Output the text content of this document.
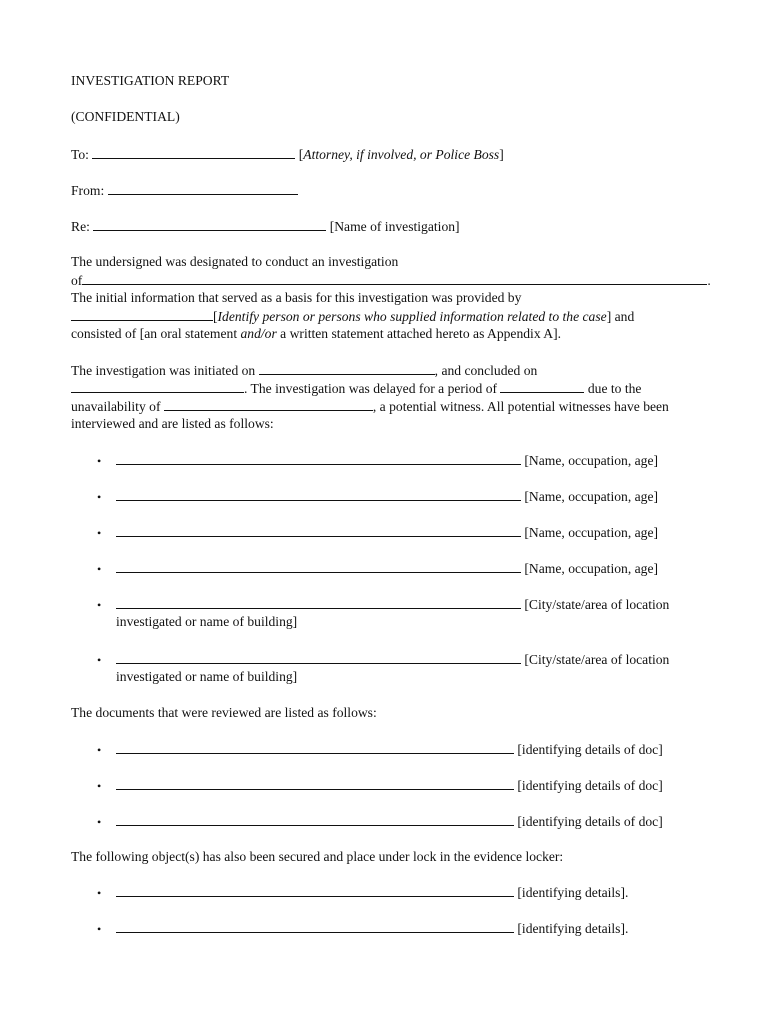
INVESTIGATION REPORT
(CONFIDENTIAL)
To:	[Attorney, if involved, or Police Boss]
From:
Re:	[Name of investigation]
The undersigned was designated to conduct an investigation
of	.
The initial information that served as a basis for this investigation was provided by
[Identify person or persons who supplied information related to the case] and
consisted of [an oral statement and/or a written statement attached hereto as Appendix A].
The investigation was initiated on	, and concluded on
. The investigation was delayed for a period of	due to the
unavailability of	, a potential witness. All potential witnesses have been
interviewed and are listed as follows:
•	[Name, occupation, age]
•	[Name, occupation, age]
•	[Name, occupation, age]
•	[Name, occupation, age]
•	[City/state/area of location
investigated or name of building]
•	[City/state/area of location
investigated or name of building]
The documents that were reviewed are listed as follows:
•	[identifying details of doc]
•	[identifying details of doc]
•	[identifying details of doc]
The following object(s) has also been secured and place under lock in the evidence locker:
•	[identifying details].
•	[identifying details].
